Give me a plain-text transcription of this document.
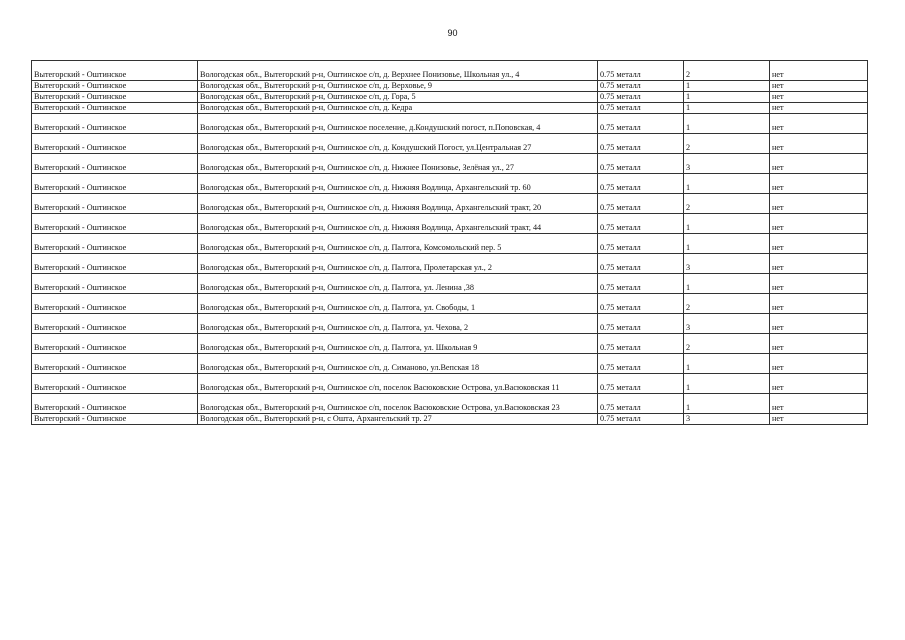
90
Вытегорский - Оштинское	Вологодская обл., Вытегорский р-н, Оштинское с/п, д. Верхнее Понизовье, Школьная ул., 4	0.75 металл	2	нет
Вытегорский - Оштинское	Вологодская обл., Вытегорский р-н, Оштинское с/п, д. Верховье, 9	0.75 металл	1	нет
Вытегорский - Оштинское	Вологодская обл., Вытегорский р-н, Оштинское с/п, д. Гора, 5	0.75 металл	1	нет
Вытегорский - Оштинское	Вологодская обл., Вытегорский р-н, Оштинское с/п, д. Кедра	0.75 металл	1	нет
Вытегорский - Оштинское	Вологодская обл., Вытегорский р-н, Оштинское поселение, д.Кондушский погост, п.Поповская, 4	0.75 металл	1	нет
Вытегорский - Оштинское	Вологодская обл., Вытегорский р-н, Оштинское с/п, д. Кондушский Погост, ул.Центральная 27	0.75 металл	2	нет
Вытегорский - Оштинское	Вологодская обл., Вытегорский р-н, Оштинское с/п, д. Нижнее Понизовье, Зелёная ул., 27	0.75 металл	3	нет
Вытегорский - Оштинское	Вологодская обл., Вытегорский р-н, Оштинское с/п, д. Нижняя Водлица, Архангельский тр. 60	0.75 металл	1	нет
Вытегорский - Оштинское	Вологодская обл., Вытегорский р-н, Оштинское с/п, д. Нижняя Водлица, Архангельский тракт, 20	0.75 металл	2	нет
Вытегорский - Оштинское	Вологодская обл., Вытегорский р-н, Оштинское с/п, д. Нижняя Водлица, Архангельский тракт, 44	0.75 металл	1	нет
Вытегорский - Оштинское	Вологодская обл., Вытегорский р-н, Оштинское с/п, д. Палтога, Комсомольский пер. 5	0.75 металл	1	нет
Вытегорский - Оштинское	Вологодская обл., Вытегорский р-н, Оштинское с/п, д. Палтога, Пролетарская ул., 2	0.75 металл	3	нет
Вытегорский - Оштинское	Вологодская обл., Вытегорский р-н, Оштинское с/п, д. Палтога, ул. Ленина ,38	0.75 металл	1	нет
Вытегорский - Оштинское	Вологодская обл., Вытегорский р-н, Оштинское с/п, д. Палтога, ул. Свободы, 1	0.75 металл	2	нет
Вытегорский - Оштинское	Вологодская обл., Вытегорский р-н, Оштинское с/п, д. Палтога, ул. Чехова, 2	0.75 металл	3	нет
Вытегорский - Оштинское	Вологодская обл., Вытегорский р-н, Оштинское с/п, д. Палтога, ул. Школьная 9	0.75 металл	2	нет
Вытегорский - Оштинское	Вологодская обл., Вытегорский р-н, Оштинское с/п, д. Симаново, ул.Вепская 18	0.75 металл	1	нет
Вытегорский - Оштинское	Вологодская обл., Вытегорский р-н, Оштинское с/п, поселок Васюковские Острова, ул.Васюковская 11	0.75 металл	1	нет
Вытегорский - Оштинское	Вологодская обл., Вытегорский р-н, Оштинское с/п, поселок Васюковские Острова, ул.Васюковская 23	0.75 металл	1	нет
Вытегорский - Оштинское	Вологодская обл., Вытегорский р-н, с Ошта, Архангельский тр. 27	0.75 металл	3	нет
